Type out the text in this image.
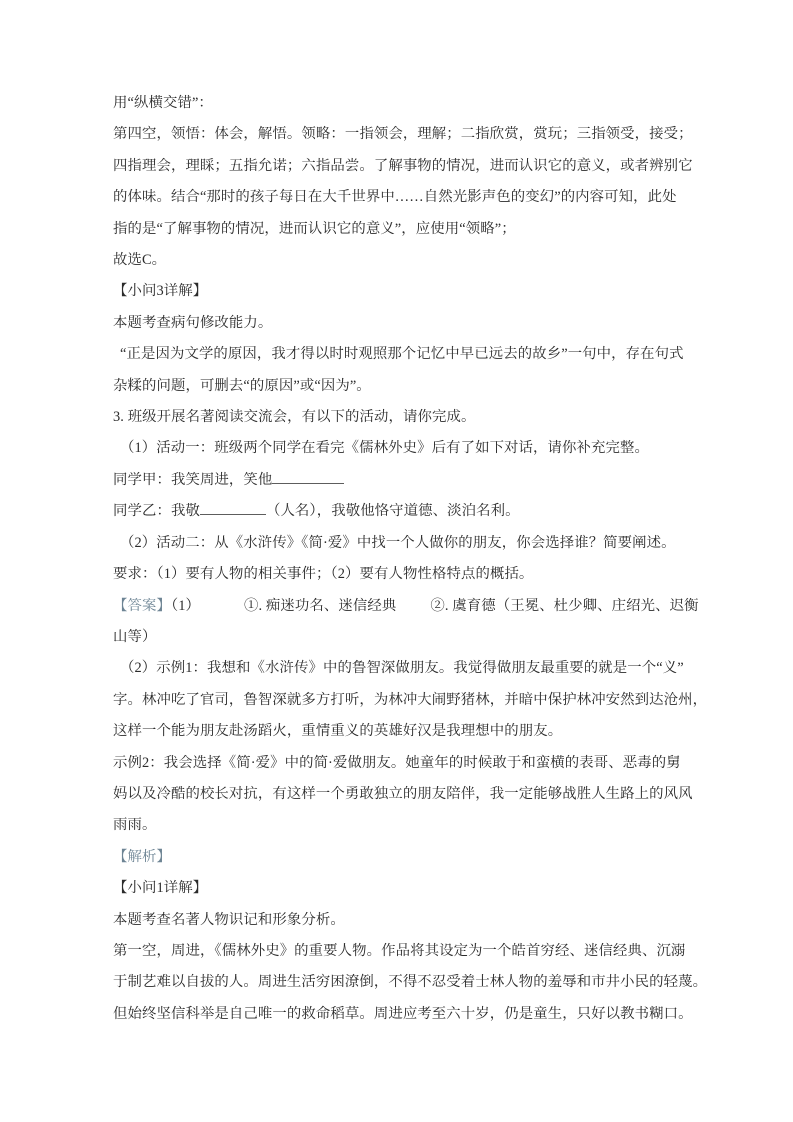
用“纵横交错”：
第四空，领悟：体会，解悟。领略：一指领会，理解；二指欣赏，赏玩；三指领受，接受；
四指理会，理睬；五指允诺；六指品尝。了解事物的情况，进而认识它的意义，或者辨别它
的体味。结合“那时的孩子每日在大千世界中……自然光影声色的变幻”的内容可知，此处
指的是“了解事物的情况，进而认识它的意义”，应使用“领略”；
故选C。
【小问3详解】
本题考查病句修改能力。
“正是因为文学的原因，我才得以时时观照那个记忆中早已远去的故乡”一句中，存在句式
杂糅的问题，可删去“的原因”或“因为”。
3. 班级开展名著阅读交流会，有以下的活动，请你完成。
（1）活动一：班级两个同学在看完《儒林外史》后有了如下对话，请你补充完整。
同学甲：我笑周进，笑他
同学乙：我敬	（人名），我敬他恪守道德、淡泊名利。
（2）活动二：从《水浒传》《简·爱》中找一个人做你的朋友，你会选择谁？简要阐述。
要求：（1）要有人物的相关事件；（2）要有人物性格特点的概括。
【答案】（1）	①. 痴迷功名、迷信经典 ②. 虞育德（王冕、杜少卿、庄绍光、迟衡
山等）
（2）示例1：我想和《水浒传》中的鲁智深做朋友。我觉得做朋友最重要的就是一个“义”
字。林冲吃了官司，鲁智深就多方打听，为林冲大闹野猪林，并暗中保护林冲安然到达沧州，
这样一个能为朋友赴汤蹈火，重情重义的英雄好汉是我理想中的朋友。
示例2：我会选择《简·爱》中的简·爱做朋友。她童年的时候敢于和蛮横的表哥、恶毒的舅
妈以及冷酷的校长对抗，有这样一个勇敢独立的朋友陪伴，我一定能够战胜人生路上的风风
雨雨。
【解析】
【小问1详解】
本题考查名著人物识记和形象分析。
第一空，周进，《儒林外史》的重要人物。作品将其设定为一个皓首穷经、迷信经典、沉溺
于制艺难以自拔的人。周进生活穷困潦倒，不得不忍受着士林人物的羞辱和市井小民的轻蔑。
但始终坚信科举是自己唯一的救命稻草。周进应考至六十岁，仍是童生，只好以教书糊口。
